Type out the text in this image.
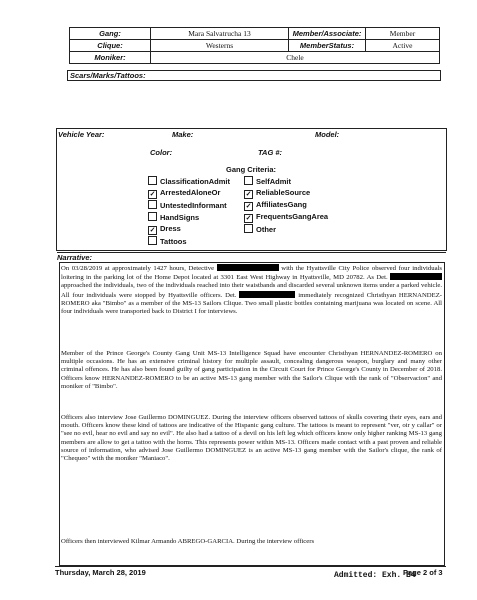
Gang:	Mara Salvatrucha 13	Member/Associate:	Member
Clique:	Westerns	MemberStatus:	Active
Moniker:	Chele		
Scars/Marks/Tattoos:
Vehicle Year:	Make:	Model:
Color:	TAG #:
Gang Criteria:
ClassificationAdmit	SelfAdmit
✓ ArrestedAloneOr	✓ ReliableSource
UntestedInformant	✓ AffiliatesGang
HandSigns	✓ FrequentsGangArea
✓ Dress	Other
Tattoos
Narrative:
On 03/28/2019 at approximately 1427 hours, Detective	with the Hyattsville City Police observed four individuals loitering in the parking lot of the Home Depot located at 3301 East West Highway in Hyattsville, MD 20782. As Det.  approached the individuals, two of the individuals reached into their waistbands and discarded several unknown items under a parked vehicle. All four individuals were stopped by Hyattsville officers. Det.	immediately recognized Christhyan HERNANDEZ-ROMERO aka "Bimbo" as a member of the MS-13 Sailors Clique. Two small plastic bottles containing marijuana was located on scene. All four individuals were transported back to District I for interviews.
Member of the Prince George's County Gang Unit MS-13 Intelligence Squad have encounter Christhyan HERNANDEZ-ROMERO on multiple occasions. He has an extensive criminal history for multiple assault, concealing dangerous weapon, burglary and many other criminal offences. He has also been found guilty of gang participation in the Circuit Court for Prince George's County in December of 2018. Officers know HERNANDEZ-ROMERO to be an active MS-13 gang member with the Sailor's Clique with the rank of "Observacion" and moniker of "Bimbo".
Officers also interview Jose Guillermo DOMINGUEZ. During the interview officers observed tattoos of skulls covering their eyes, ears and mouth. Officers know these kind of tattoos are indicative of the Hispanic gang culture. The tattoos is meant to represent "ver, oir y callar" or "see no evil, hear no evil and say no evil". He also had a tattoo of a devil on his left leg which officers know only higher ranking MS-13 gang members are allow to get a tattoo with the horns. This represents power within MS-13. Officers made contact with a past proven and reliable source of information, who advised Jose Guillermo DOMINGUEZ is an active MS-13 gang member with the Sailor's clique, the rank of "Chequeo" with the moniker "Maniaco".
Officers then interviewed Kilmar Armando ABREGO-GARCIA. During the interview officers
Thursday, March 28, 2019	Page 2 of 3
Admitted: Exh. B4
